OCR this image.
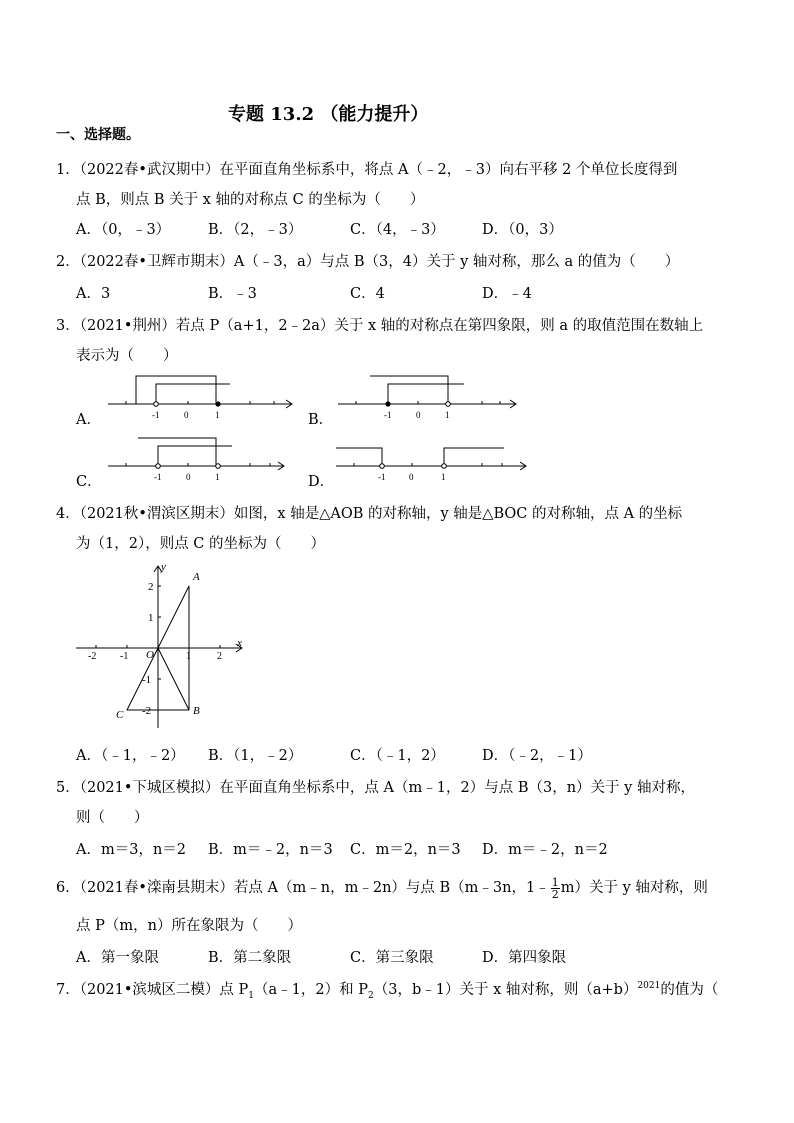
专题 13.2 （能力提升）
一、选择题。
1．（2022春•武汉期中）在平面直角坐标系中，将点 A（﹣2，﹣3）向右平移 2 个单位长度得到
点 B，则点 B 关于 x 轴的对称点 C 的坐标为（　　）
A．（0，﹣3）	B．（2，﹣3）	C．（4，﹣3）	D．（0，3）
2．（2022春•卫辉市期末）A（﹣3，a）与点 B（3，4）关于 y 轴对称，那么 a 的值为（　　）
A．3	B．﹣3	C．4	D．﹣4
3．（2021•荆州）若点 P（a+1，2﹣2a）关于 x 轴的对称点在第四象限，则 a 的取值范围在数轴上
表示为（　　）
A．	B．
C．	D．
-1	0	1	-1	0	1
-1	0	1	-1	0	1
4．（2021秋•渭滨区期末）如图，x 轴是△AOB 的对称轴，y 轴是△BOC 的对称轴，点 A 的坐标
为（1，2），则点 C 的坐标为（　　）
y
x
O
A
B
C
-2 -1	1	2
2
1
-1
-2
A．（﹣1，﹣2） B．（1，﹣2）	C．（﹣1，2）	D．（﹣2，﹣1）
5．（2021•下城区模拟）在平面直角坐标系中，点 A（m﹣1，2）与点 B（3，n）关于 y 轴对称，
则（　　）
A．m＝3，n＝2 B．m＝﹣2，n＝3 C．m＝2，n＝3 D．m＝﹣2，n＝2
6．（2021春•滦南县期末）若点 A（m﹣n，m﹣2n）与点 B（m﹣3n，1﹣ $\frac{1}{2} m$）关于 y 轴对称，则
点 P（m，n）所在象限为（　　）
A．第一象限	B．第二象限	C．第三象限	D．第四象限
7．（2021•滨城区二模）点 $P_1(a﹣1$，2）和 $P_2(3$，b﹣1）关于 x 轴对称，则$(a+b)^{2021}$的值为（
